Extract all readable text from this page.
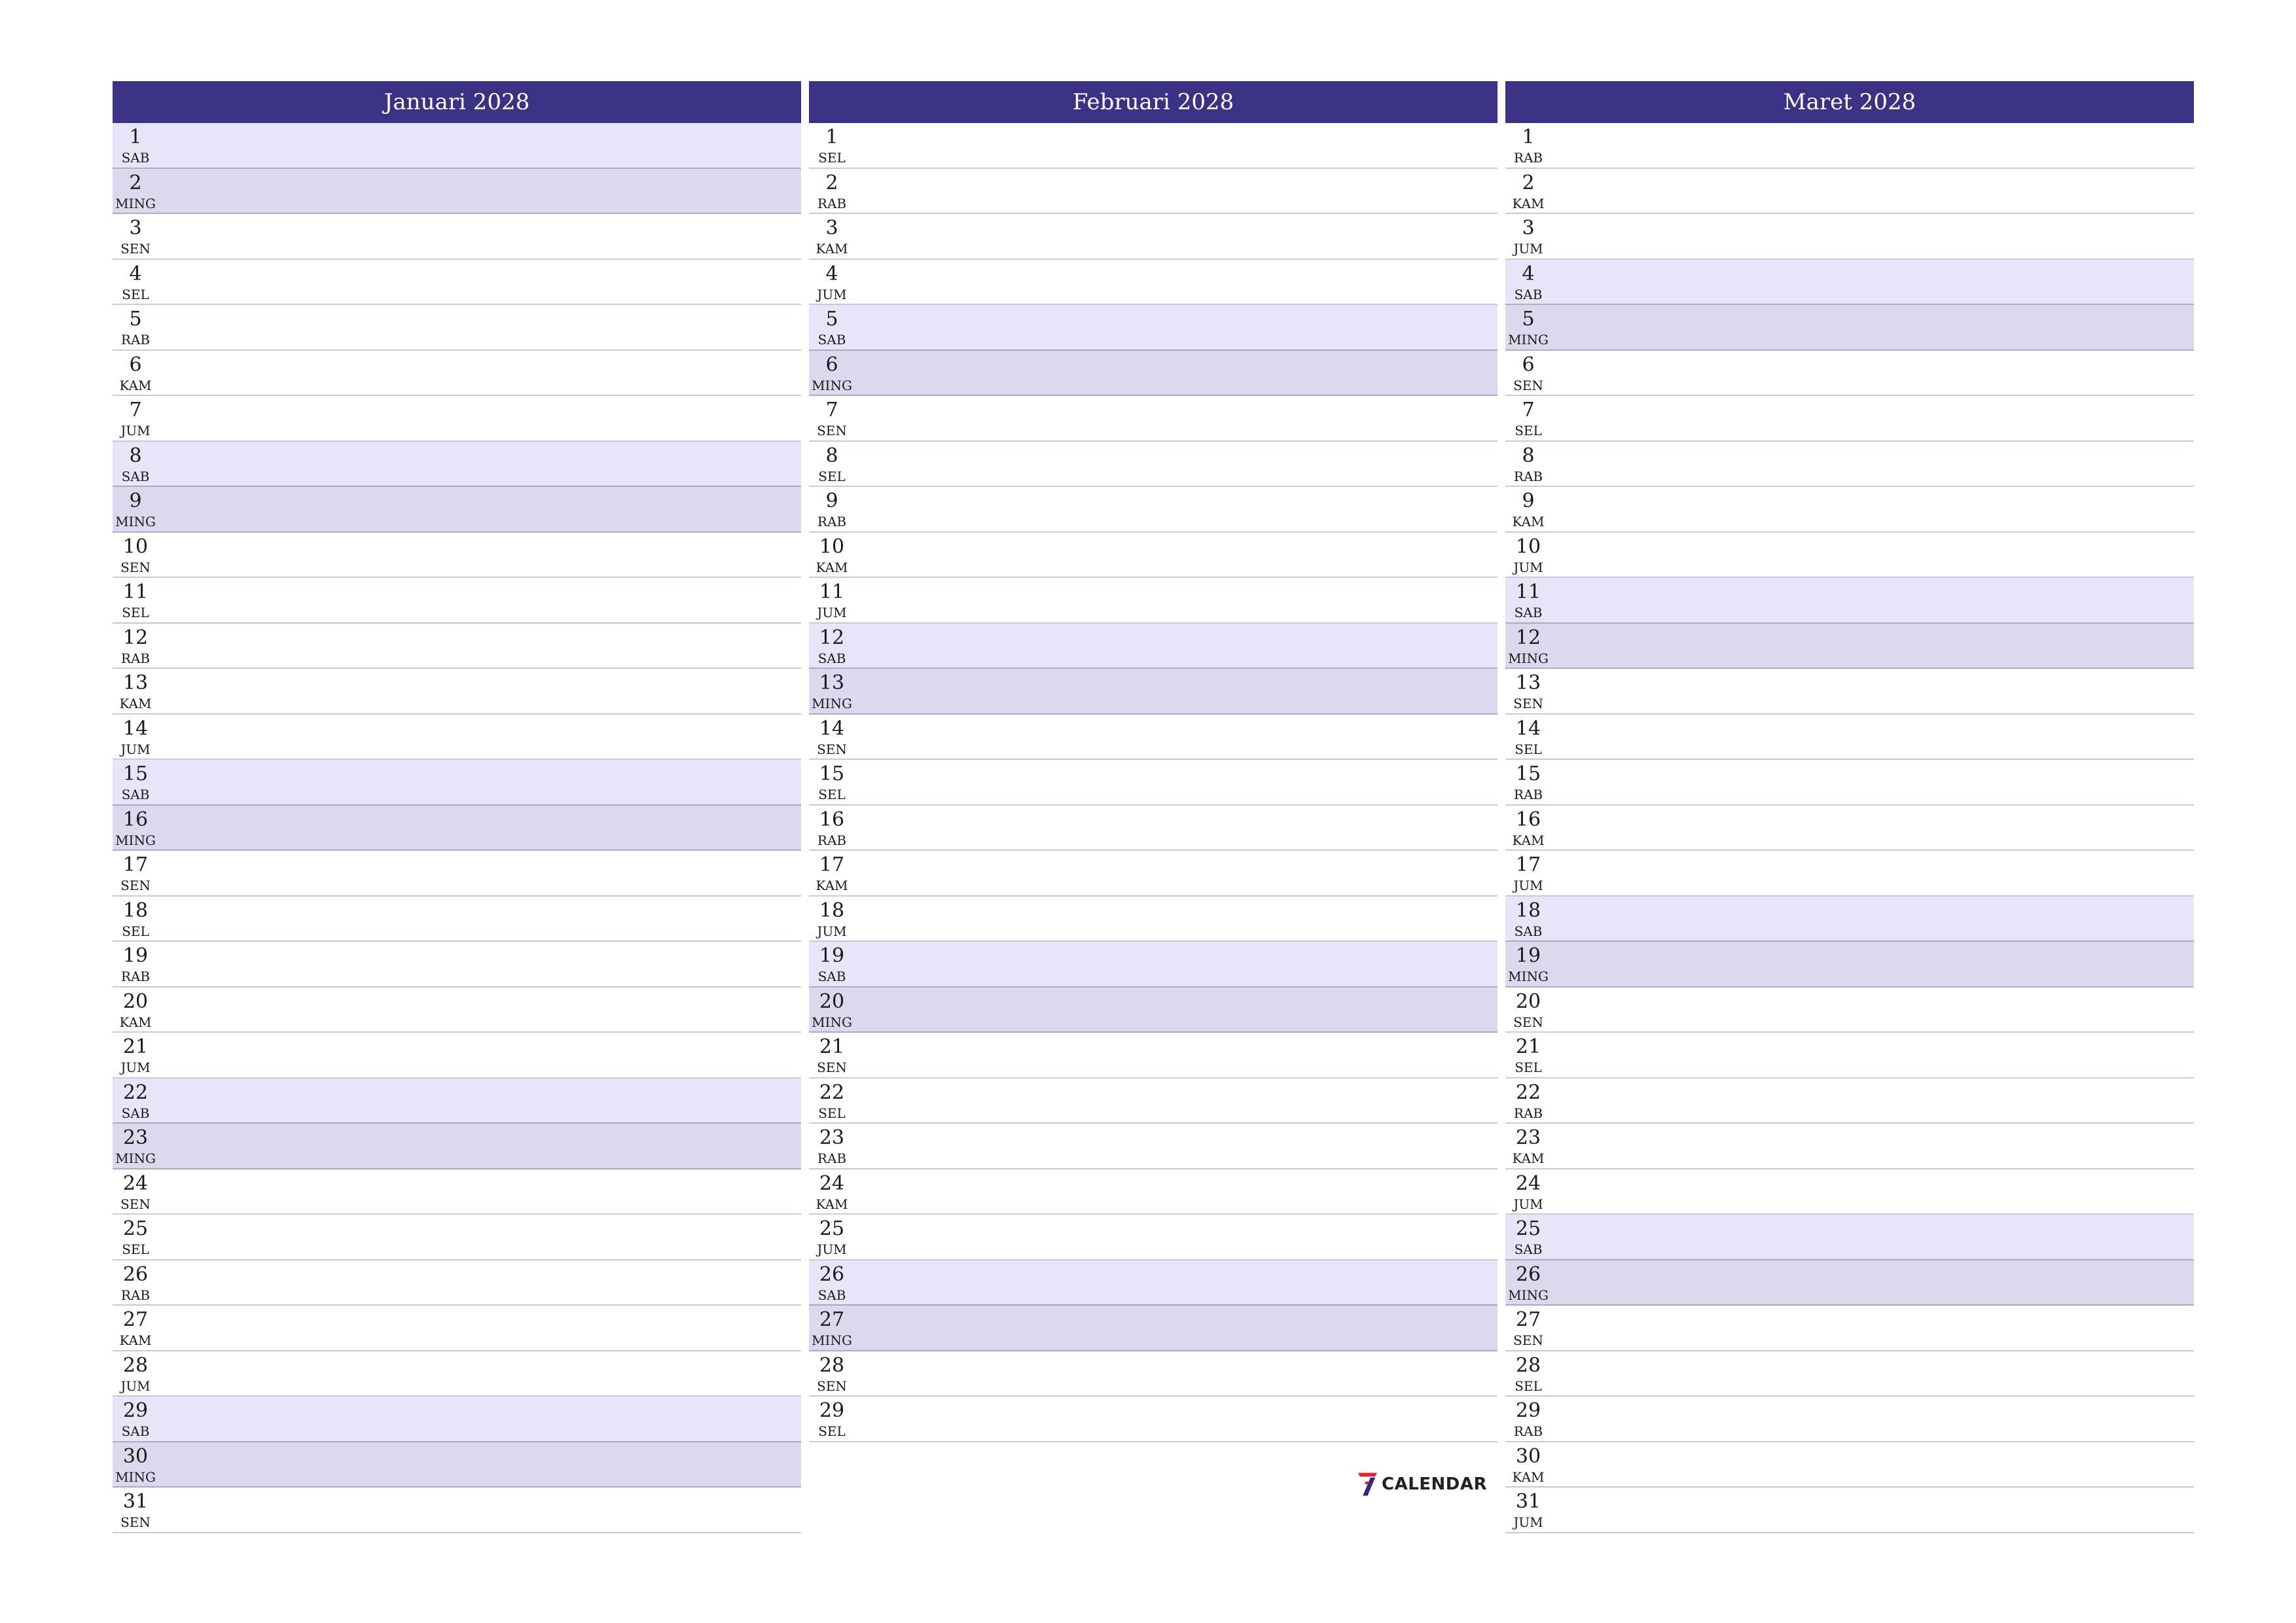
Januari 2028
1
SAB
2
MING
3
SEN
4
SEL
5
RAB
6
KAM
7
JUM
8
SAB
9
MING
10
SEN
11
SEL
12
RAB
13
KAM
14
JUM
15
SAB
16
MING
17
SEN
18
SEL
19
RAB
20
KAM
21
JUM
22
SAB
23
MING
24
SEN
25
SEL
26
RAB
27
KAM
28
JUM
29
SAB
30
MING
31
SEN
Februari 2028
1
SEL
2
RAB
3
KAM
4
JUM
5
SAB
6
MING
7
SEN
8
SEL
9
RAB
10
KAM
11
JUM
12
SAB
13
MING
14
SEN
15
SEL
16
RAB
17
KAM
18
JUM
19
SAB
20
MING
21
SEN
22
SEL
23
RAB
24
KAM
25
JUM
26
SAB
27
MING
28
SEN
29
SEL
Maret 2028
1
RAB
2
KAM
3
JUM
4
SAB
5
MING
6
SEN
7
SEL
8
RAB
9
KAM
10
JUM
11
SAB
12
MING
13
SEN
14
SEL
15
RAB
16
KAM
17
JUM
18
SAB
19
MING
20
SEN
21
SEL
22
RAB
23
KAM
24
JUM
25
SAB
26
MING
27
SEN
28
SEL
29
RAB
30
KAM
31
JUM
CALENDAR
